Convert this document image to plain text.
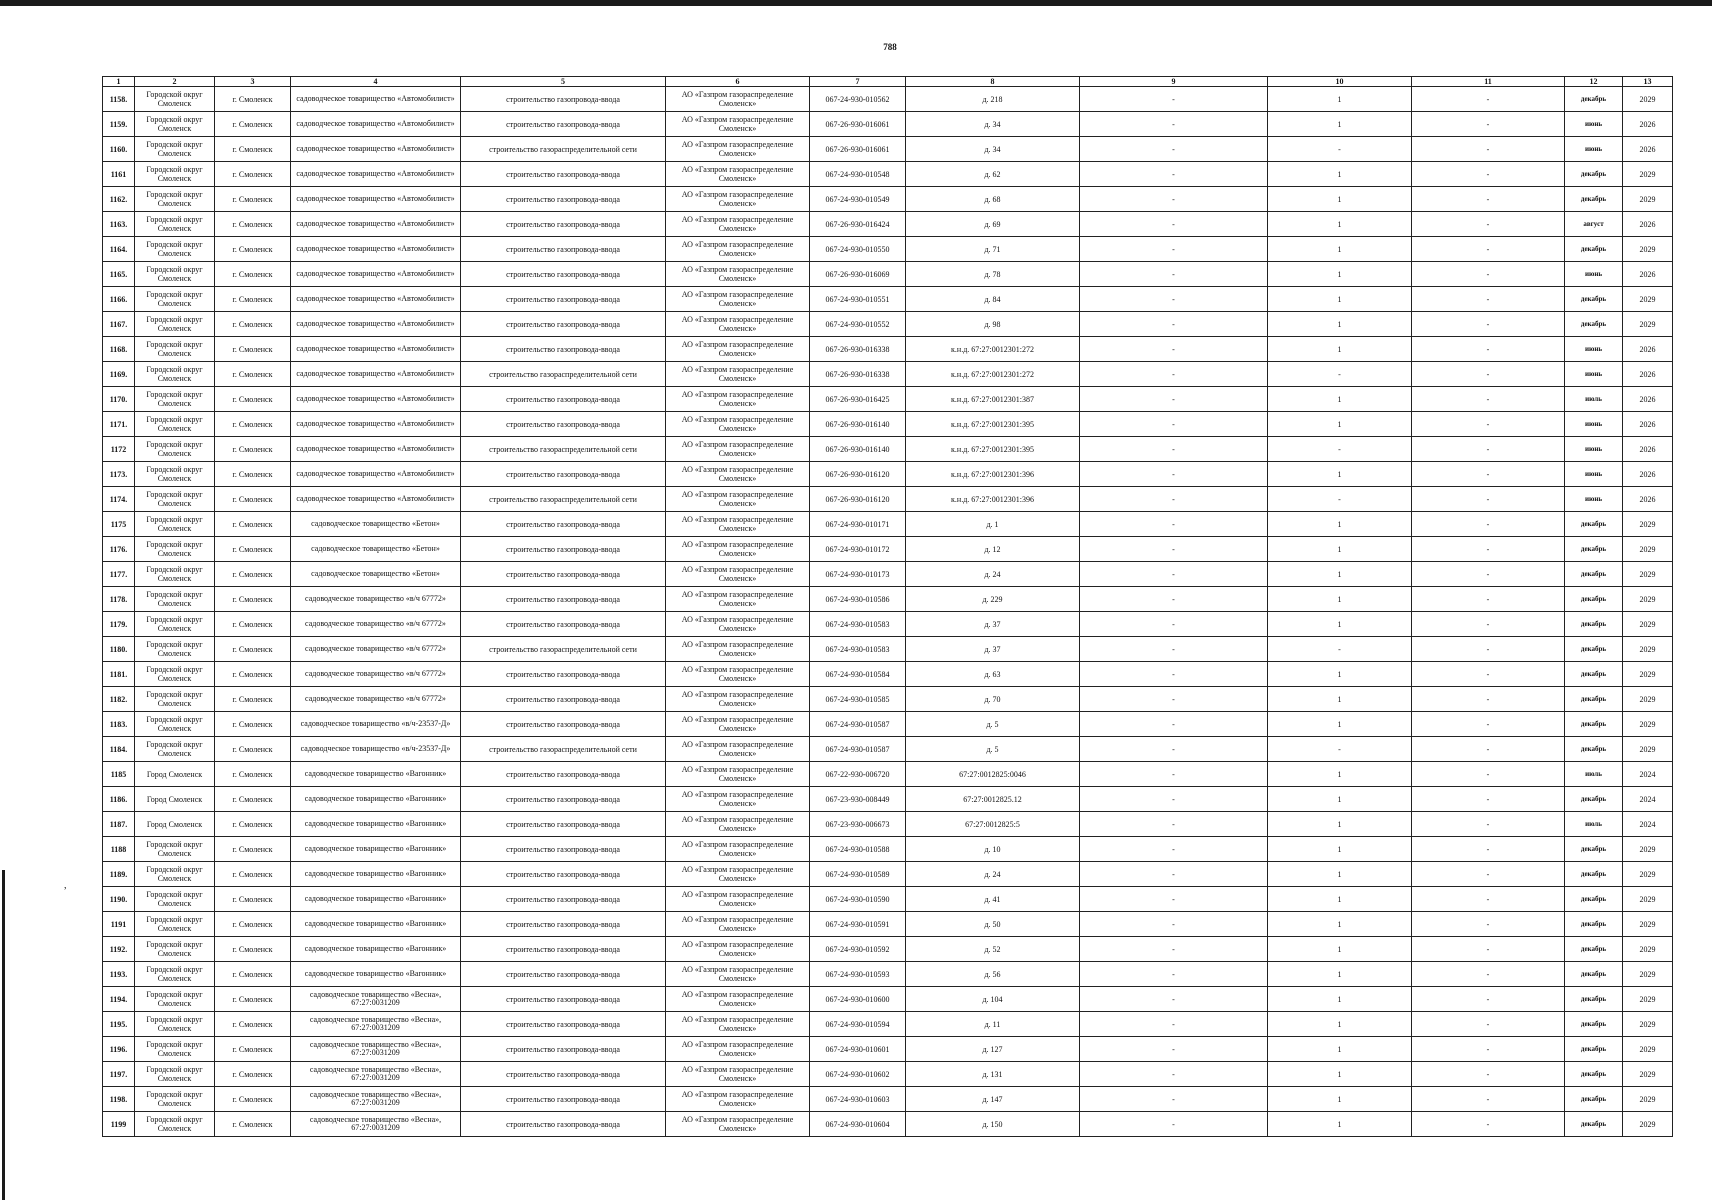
,
788
1	2	3	4	5	6	7	8	9	10	11	12	13
1158.	Городской округ Смоленск	г. Смоленск	садоводческое товарищество «Автомобилист»	строительство газопровода-ввода	АО «Газпром газораспределение Смоленск»	067-24-930-010562	д. 218	-	1	-	декабрь	2029
1159.	Городской округ Смоленск	г. Смоленск	садоводческое товарищество «Автомобилист»	строительство газопровода-ввода	АО «Газпром газораспределение Смоленск»	067-26-930-016061	д. 34	-	1	-	июнь	2026
1160.	Городской округ Смоленск	г. Смоленск	садоводческое товарищество «Автомобилист»	строительство газораспределительной сети	АО «Газпром газораспределение Смоленск»	067-26-930-016061	д. 34	-	-	-	июнь	2026
1161	Городской округ Смоленск	г. Смоленск	садоводческое товарищество «Автомобилист»	строительство газопровода-ввода	АО «Газпром газораспределение Смоленск»	067-24-930-010548	д. 62	-	1	-	декабрь	2029
1162.	Городской округ Смоленск	г. Смоленск	садоводческое товарищество «Автомобилист»	строительство газопровода-ввода	АО «Газпром газораспределение Смоленск»	067-24-930-010549	д. 68	-	1	-	декабрь	2029
1163.	Городской округ Смоленск	г. Смоленск	садоводческое товарищество «Автомобилист»	строительство газопровода-ввода	АО «Газпром газораспределение Смоленск»	067-26-930-016424	д. 69	-	1	-	август	2026
1164.	Городской округ Смоленск	г. Смоленск	садоводческое товарищество «Автомобилист»	строительство газопровода-ввода	АО «Газпром газораспределение Смоленск»	067-24-930-010550	д. 71	-	1	-	декабрь	2029
1165.	Городской округ Смоленск	г. Смоленск	садоводческое товарищество «Автомобилист»	строительство газопровода-ввода	АО «Газпром газораспределение Смоленск»	067-26-930-016069	д. 78	-	1	-	июнь	2026
1166.	Городской округ Смоленск	г. Смоленск	садоводческое товарищество «Автомобилист»	строительство газопровода-ввода	АО «Газпром газораспределение Смоленск»	067-24-930-010551	д. 84	-	1	-	декабрь	2029
1167.	Городской округ Смоленск	г. Смоленск	садоводческое товарищество «Автомобилист»	строительство газопровода-ввода	АО «Газпром газораспределение Смоленск»	067-24-930-010552	д. 98	-	1	-	декабрь	2029
1168.	Городской округ Смоленск	г. Смоленск	садоводческое товарищество «Автомобилист»	строительство газопровода-ввода	АО «Газпром газораспределение Смоленск»	067-26-930-016338	к.н.д. 67:27:0012301:272	-	1	-	июнь	2026
1169.	Городской округ Смоленск	г. Смоленск	садоводческое товарищество «Автомобилист»	строительство газораспределительной сети	АО «Газпром газораспределение Смоленск»	067-26-930-016338	к.н.д. 67:27:0012301:272	-	-	-	июнь	2026
1170.	Городской округ Смоленск	г. Смоленск	садоводческое товарищество «Автомобилист»	строительство газопровода-ввода	АО «Газпром газораспределение Смоленск»	067-26-930-016425	к.н.д. 67:27:0012301:387	-	1	-	июль	2026
1171.	Городской округ Смоленск	г. Смоленск	садоводческое товарищество «Автомобилист»	строительство газопровода-ввода	АО «Газпром газораспределение Смоленск»	067-26-930-016140	к.н.д. 67:27:0012301:395	-	1	-	июнь	2026
1172	Городской округ Смоленск	г. Смоленск	садоводческое товарищество «Автомобилист»	строительство газораспределительной сети	АО «Газпром газораспределение Смоленск»	067-26-930-016140	к.н.д. 67:27:0012301:395	-	-	-	июнь	2026
1173.	Городской округ Смоленск	г. Смоленск	садоводческое товарищество «Автомобилист»	строительство газопровода-ввода	АО «Газпром газораспределение Смоленск»	067-26-930-016120	к.н.д. 67:27:0012301:396	-	1	-	июнь	2026
1174.	Городской округ Смоленск	г. Смоленск	садоводческое товарищество «Автомобилист»	строительство газораспределительной сети	АО «Газпром газораспределение Смоленск»	067-26-930-016120	к.н.д. 67:27:0012301:396	-	-	-	июнь	2026
1175	Городской округ Смоленск	г. Смоленск	садоводческое товарищество «Бетон»	строительство газопровода-ввода	АО «Газпром газораспределение Смоленск»	067-24-930-010171	д. 1	-	1	-	декабрь	2029
1176.	Городской округ Смоленск	г. Смоленск	садоводческое товарищество «Бетон»	строительство газопровода-ввода	АО «Газпром газораспределение Смоленск»	067-24-930-010172	д. 12	-	1	-	декабрь	2029
1177.	Городской округ Смоленск	г. Смоленск	садоводческое товарищество «Бетон»	строительство газопровода-ввода	АО «Газпром газораспределение Смоленск»	067-24-930-010173	д. 24	-	1	-	декабрь	2029
1178.	Городской округ Смоленск	г. Смоленск	садоводческое товарищество «в/ч 67772»	строительство газопровода-ввода	АО «Газпром газораспределение Смоленск»	067-24-930-010586	д. 229	-	1	-	декабрь	2029
1179.	Городской округ Смоленск	г. Смоленск	садоводческое товарищество «в/ч 67772»	строительство газопровода-ввода	АО «Газпром газораспределение Смоленск»	067-24-930-010583	д. 37	-	1	-	декабрь	2029
1180.	Городской округ Смоленск	г. Смоленск	садоводческое товарищество «в/ч 67772»	строительство газораспределительной сети	АО «Газпром газораспределение Смоленск»	067-24-930-010583	д. 37	-	-	-	декабрь	2029
1181.	Городской округ Смоленск	г. Смоленск	садоводческое товарищество «в/ч 67772»	строительство газопровода-ввода	АО «Газпром газораспределение Смоленск»	067-24-930-010584	д. 63	-	1	-	декабрь	2029
1182.	Городской округ Смоленск	г. Смоленск	садоводческое товарищество «в/ч 67772»	строительство газопровода-ввода	АО «Газпром газораспределение Смоленск»	067-24-930-010585	д. 70	-	1	-	декабрь	2029
1183.	Городской округ Смоленск	г. Смоленск	садоводческое товарищество «в/ч-23537-Д»	строительство газопровода-ввода	АО «Газпром газораспределение Смоленск»	067-24-930-010587	д. 5	-	1	-	декабрь	2029
1184.	Городской округ Смоленск	г. Смоленск	садоводческое товарищество «в/ч-23537-Д»	строительство газораспределительной сети	АО «Газпром газораспределение Смоленск»	067-24-930-010587	д. 5	-	-	-	декабрь	2029
1185	Город Смоленск	г. Смоленск	садоводческое товарищество «Вагонник»	строительство газопровода-ввода	АО «Газпром газораспределение Смоленск»	067-22-930-006720	67:27:0012825:0046	-	1	-	июль	2024
1186.	Город Смоленск	г. Смоленск	садоводческое товарищество «Вагонник»	строительство газопровода-ввода	АО «Газпром газораспределение Смоленск»	067-23-930-008449	67:27:0012825.12	-	1	-	декабрь	2024
1187.	Город Смоленск	г. Смоленск	садоводческое товарищество «Вагонник»	строительство газопровода-ввода	АО «Газпром газораспределение Смоленск»	067-23-930-006673	67:27:0012825:5	-	1	-	июль	2024
1188	Городской округ Смоленск	г. Смоленск	садоводческое товарищество «Вагонник»	строительство газопровода-ввода	АО «Газпром газораспределение Смоленск»	067-24-930-010588	д. 10	-	1	-	декабрь	2029
1189.	Городской округ Смоленск	г. Смоленск	садоводческое товарищество «Вагонник»	строительство газопровода-ввода	АО «Газпром газораспределение Смоленск»	067-24-930-010589	д. 24	-	1	-	декабрь	2029
1190.	Городской округ Смоленск	г. Смоленск	садоводческое товарищество «Вагонник»	строительство газопровода-ввода	АО «Газпром газораспределение Смоленск»	067-24-930-010590	д. 41	-	1	-	декабрь	2029
1191	Городской округ Смоленск	г. Смоленск	садоводческое товарищество «Вагонник»	строительство газопровода-ввода	АО «Газпром газораспределение Смоленск»	067-24-930-010591	д. 50	-	1	-	декабрь	2029
1192.	Городской округ Смоленск	г. Смоленск	садоводческое товарищество «Вагонник»	строительство газопровода-ввода	АО «Газпром газораспределение Смоленск»	067-24-930-010592	д. 52	-	1	-	декабрь	2029
1193.	Городской округ Смоленск	г. Смоленск	садоводческое товарищество «Вагонник»	строительство газопровода-ввода	АО «Газпром газораспределение Смоленск»	067-24-930-010593	д. 56	-	1	-	декабрь	2029
1194.	Городской округ Смоленск	г. Смоленск	садоводческое товарищество «Весна», 67:27:0031209	строительство газопровода-ввода	АО «Газпром газораспределение Смоленск»	067-24-930-010600	д. 104	-	1	-	декабрь	2029
1195.	Городской округ Смоленск	г. Смоленск	садоводческое товарищество «Весна», 67:27:0031209	строительство газопровода-ввода	АО «Газпром газораспределение Смоленск»	067-24-930-010594	д. 11	-	1	-	декабрь	2029
1196.	Городской округ Смоленск	г. Смоленск	садоводческое товарищество «Весна», 67:27:0031209	строительство газопровода-ввода	АО «Газпром газораспределение Смоленск»	067-24-930-010601	д. 127	-	1	-	декабрь	2029
1197.	Городской округ Смоленск	г. Смоленск	садоводческое товарищество «Весна», 67:27:0031209	строительство газопровода-ввода	АО «Газпром газораспределение Смоленск»	067-24-930-010602	д. 131	-	1	-	декабрь	2029
1198.	Городской округ Смоленск	г. Смоленск	садоводческое товарищество «Весна», 67:27:0031209	строительство газопровода-ввода	АО «Газпром газораспределение Смоленск»	067-24-930-010603	д. 147	-	1	-	декабрь	2029
1199	Городской округ Смоленск	г. Смоленск	садоводческое товарищество «Весна», 67:27:0031209	строительство газопровода-ввода	АО «Газпром газораспределение Смоленск»	067-24-930-010604	д. 150	-	1	-	декабрь	2029
